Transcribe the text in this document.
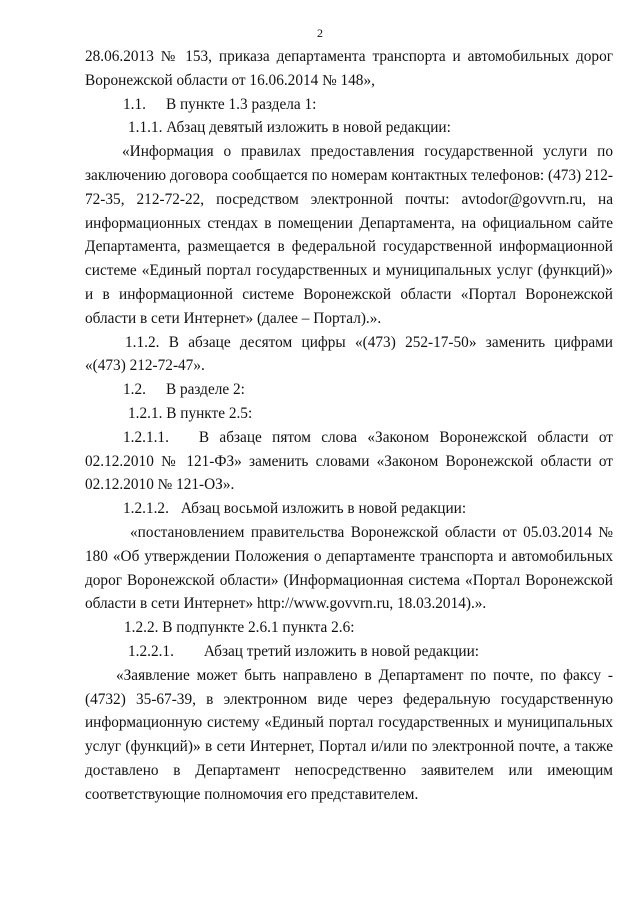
2

28.06.2013 № 153, приказа департамента транспорта и автомобильных дорог Воронежской области от 16.06.2014 № 148»,

1.1. В пункте 1.3 раздела 1:

1.1.1. Абзац девятый изложить в новой редакции:

«Информация о правилах предоставления государственной услуги по заключению договора сообщается по номерам контактных телефонов: (473) 212-72-35, 212-72-22, посредством электронной почты: avtodor@govvrn.ru, на информационных стендах в помещении Департамента, на официальном сайте Департамента, размещается в федеральной государственной информационной системе «Единый портал государственных и муниципальных услуг (функций)» и в информационной системе Воронежской области «Портал Воронежской области в сети Интернет» (далее – Портал).».

1.1.2. В абзаце десятом цифры «(473) 252-17-50» заменить цифрами «(473) 212-72-47».

1.2. В разделе 2:

1.2.1. В пункте 2.5:

1.2.1.1. В абзаце пятом слова «Законом Воронежской области от 02.12.2010 № 121-ФЗ» заменить словами «Законом Воронежской области от 02.12.2010 № 121-ОЗ».

1.2.1.2. Абзац восьмой изложить в новой редакции:

«постановлением правительства Воронежской области от 05.03.2014 № 180 «Об утверждении Положения о департаменте транспорта и автомобильных дорог Воронежской области» (Информационная система «Портал Воронежской области в сети Интернет» http://www.govvrn.ru, 18.03.2014).».

1.2.2. В подпункте 2.6.1 пункта 2.6:

1.2.2.1. Абзац третий изложить в новой редакции:

«Заявление может быть направлено в Департамент по почте, по факсу - (4732) 35-67-39, в электронном виде через федеральную государственную информационную систему «Единый портал государственных и муниципальных услуг (функций)» в сети Интернет, Портал и/или по электронной почте, а также доставлено в Департамент непосредственно заявителем или имеющим соответствующие полномочия его представителем.
